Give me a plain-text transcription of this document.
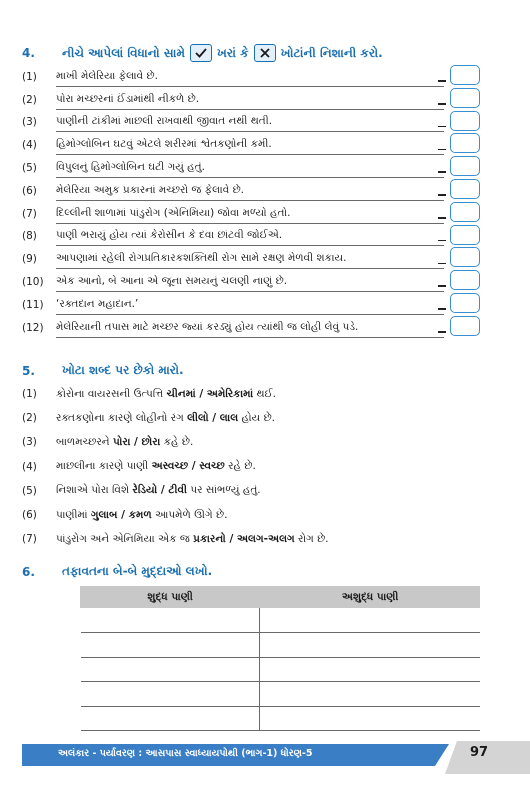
4.	નીચે આપેલાં વિધાનો સામે	ખરાં કે	ખોટાંની નિશાની કરો.
(1)	માખી મેલેરિયા ફેલાવે છે.
(2)	પોરા મચ્છરનાં ઈંડામાંથી નીકળે છે.
(3)	પાણીની ટાંકીમાં માછલી રાખવાથી જીવાત નથી થતી.
(4)	હિમોગ્લોબિન ઘટવું એટલે શરીરમાં શ્વેતકણોની કમી.
(5)	વિપુલનું હિમોગ્લોબિન ઘટી ગયું હતું.
(6)	મેલેરિયા અમુક પ્રકારનાં મચ્છરો જ ફેલાવે છે.
(7)	દિલ્લીની શાળામાં પાંડુરોગ (એનિમિયા) જોવા મળ્યો હતો.
(8)	પાણી ભરાયું હોય ત્યાં કેરોસીન કે દવા છાંટવી જોઈએ.
(9)	આપણામાં રહેલી રોગપ્રતિકારકશક્તિથી રોગ સામે રક્ષણ મેળવી શકાય.
(10)	એક આનો, બે આના એ જૂના સમયનું ચલણી નાણું છે.
(11)	‘રક્તદાન મહાદાન.’
(12)	મેલેરિયાની તપાસ માટે મચ્છર જ્યાં કરડ્યું હોય ત્યાંથી જ લોહી લેવું પડે.
5.	ખોટા શબ્દ પર છેકો મારો.
(1)	કોરોના વાયરસની ઉત્પત્તિ ચીનમાં / અમેરિકામાં થઈ.
(2)	રક્તકણોના કારણે લોહીનો રંગ લીલો / લાલ હોય છે.
(3)	બાળમચ્છરને પોરા / છોરા કહે છે.
(4)	માછલીના કારણે પાણી અસ્વચ્છ / સ્વચ્છ રહે છે.
(5)	નિશાએ પોરા વિશે રેડિયો / ટીવી પર સાંભળ્યું હતું.
(6)	પાણીમાં ગુલાબ / કમળ આપમેળે ઊગે છે.
(7)	પાંડુરોગ અને એનિમિયા એક જ પ્રકારનો / અલગ-અલગ રોગ છે.
6.	તફાવતના બે-બે મુદ્દાઓ લખો.
શુદ્ધ પાણી	અશુદ્ધ પાણી

અલંકાર - પર્યાવરણ : આસપાસ સ્વાધ્યાયપોથી (ભાગ-1) ધોરણ-5	97
